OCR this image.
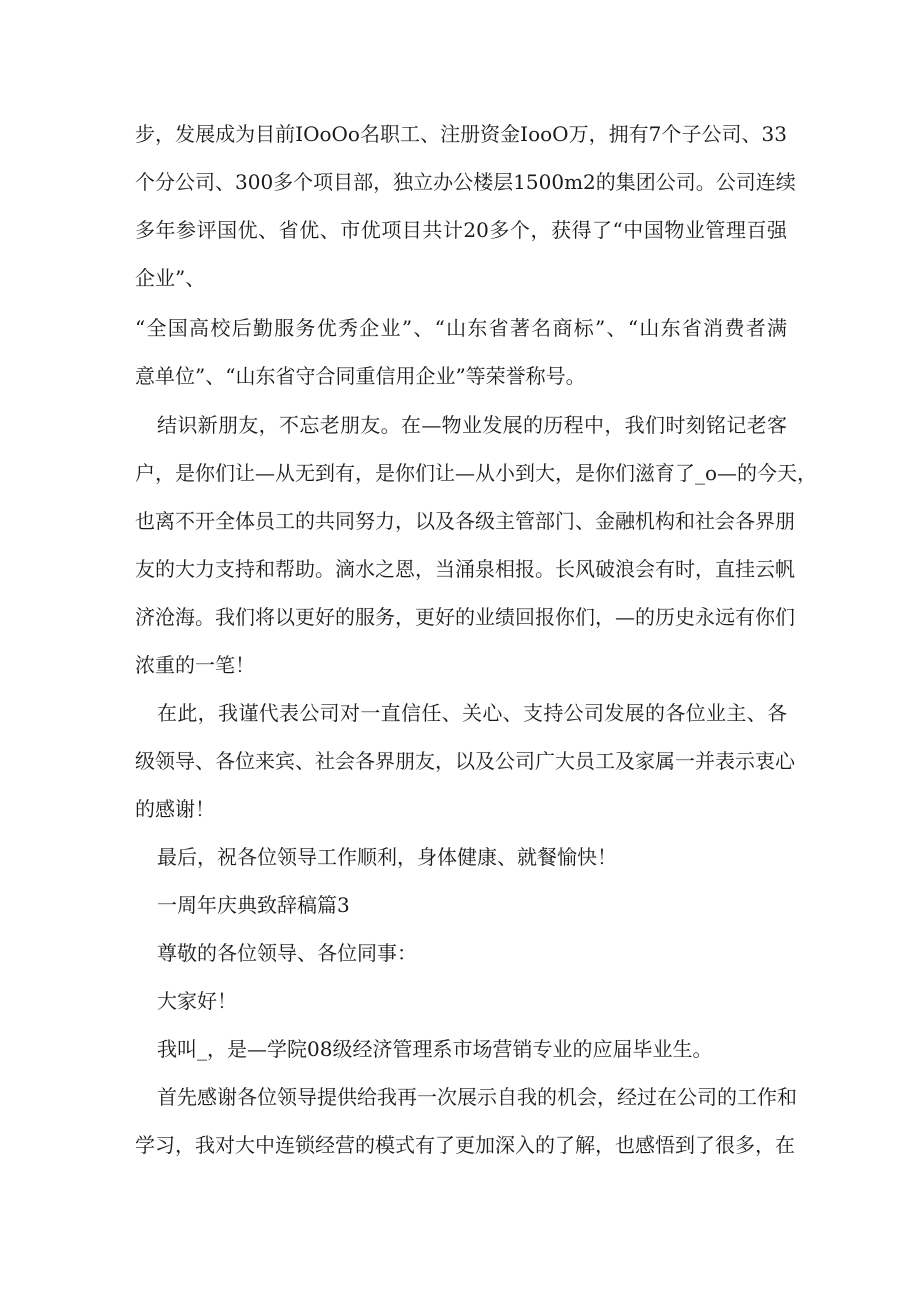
步，发展成为目前IOoOo名职工、注册资金IooO万，拥有7个子公司、33
个分公司、300多个项目部，独立办公楼层1500m2的集团公司。公司连续
多年参评国优、省优、市优项目共计20多个，获得了“中国物业管理百强
企业”、
“全国高校后勤服务优秀企业”、“山东省著名商标”、“山东省消费者满
意单位”、“山东省守合同重信用企业”等荣誉称号。
结识新朋友，不忘老朋友。在—物业发展的历程中，我们时刻铭记老客
户，是你们让—从无到有，是你们让—从小到大，是你们滋育了_o—的今天，
也离不开全体员工的共同努力，以及各级主管部门、金融机构和社会各界朋
友的大力支持和帮助。滴水之恩，当涌泉相报。长风破浪会有时，直挂云帆
济沧海。我们将以更好的服务，更好的业绩回报你们，—的历史永远有你们
浓重的一笔！
在此，我谨代表公司对一直信任、关心、支持公司发展的各位业主、各
级领导、各位来宾、社会各界朋友，以及公司广大员工及家属一并表示衷心
的感谢！
最后，祝各位领导工作顺利，身体健康、就餐愉快！
一周年庆典致辞稿篇3
尊敬的各位领导、各位同事：
大家好！
我叫_，是—学院08级经济管理系市场营销专业的应届毕业生。
首先感谢各位领导提供给我再一次展示自我的机会，经过在公司的工作和
学习，我对大中连锁经营的模式有了更加深入的了解，也感悟到了很多，在
